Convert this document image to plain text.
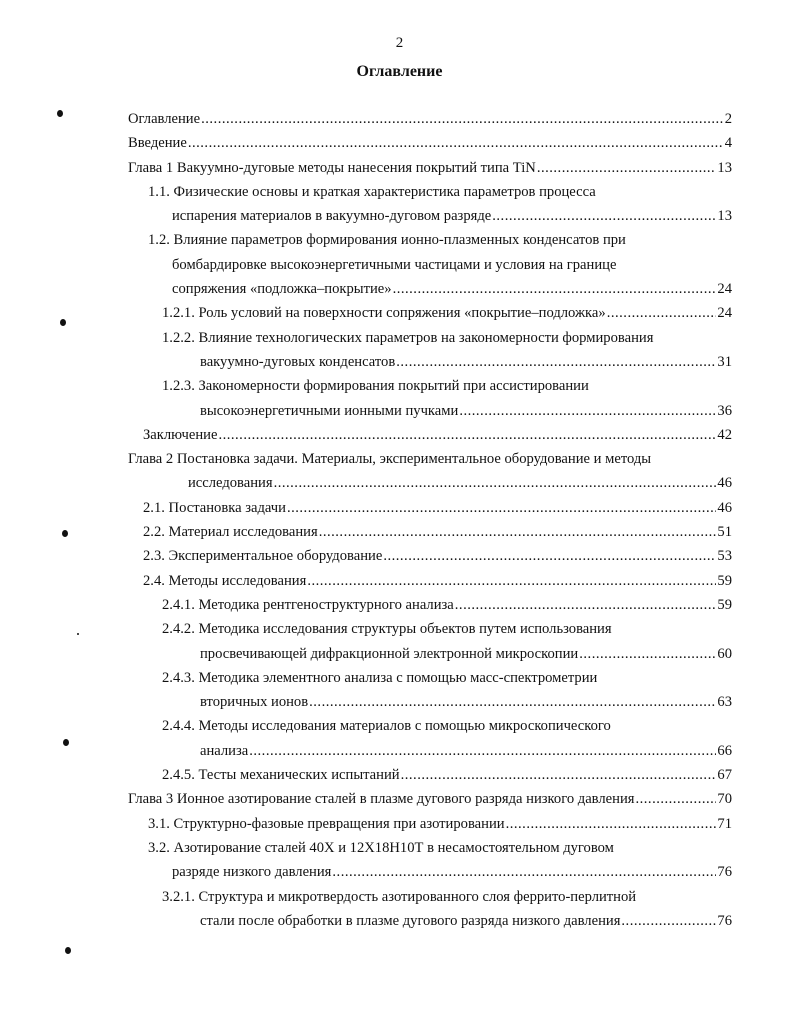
2
Оглавление
Оглавление .....	2
Введение .....	4
Глава 1 Вакуумно-дуговые методы нанесения покрытий типа TiN .....	13
1.1. Физические основы и краткая характеристика параметров процесса
испарения материалов в вакуумно-дуговом разряде .....	13
1.2. Влияние параметров формирования ионно-плазменных конденсатов при
бомбардировке высокоэнергетичными частицами и условия на границе
сопряжения «подложка–покрытие» .....	24
1.2.1. Роль условий на поверхности сопряжения «покрытие–подложка» .....	24
1.2.2. Влияние технологических параметров на закономерности формирования
вакуумно-дуговых конденсатов .....	31
1.2.3. Закономерности формирования покрытий при ассистировании
высокоэнергетичными ионными пучками .....	36
Заключение .....	42
Глава 2 Постановка задачи. Материалы, экспериментальное оборудование и методы
исследования .....	46
2.1. Постановка задачи .....	46
2.2. Материал исследования .....	51
2.3. Экспериментальное оборудование .....	53
2.4. Методы исследования .....	59
2.4.1. Методика рентгеноструктурного анализа .....	59
2.4.2. Методика исследования структуры объектов путем использования
просвечивающей дифракционной электронной микроскопии .....	60
2.4.3. Методика элементного анализа с помощью масс-спектрометрии
вторичных ионов .....	63
2.4.4. Методы исследования материалов с помощью микроскопического
анализа .....	66
2.4.5. Тесты механических испытаний .....	67
Глава 3 Ионное азотирование сталей в плазме дугового разряда низкого давления .....	70
3.1. Структурно-фазовые превращения при азотировании .....	71
3.2. Азотирование сталей 40Х и 12Х18Н10Т в несамостоятельном дуговом
разряде низкого давления .....	76
3.2.1. Структура и микротвердость азотированного слоя феррито-перлитной
стали после обработки в плазме дугового разряда низкого давления .....	76
